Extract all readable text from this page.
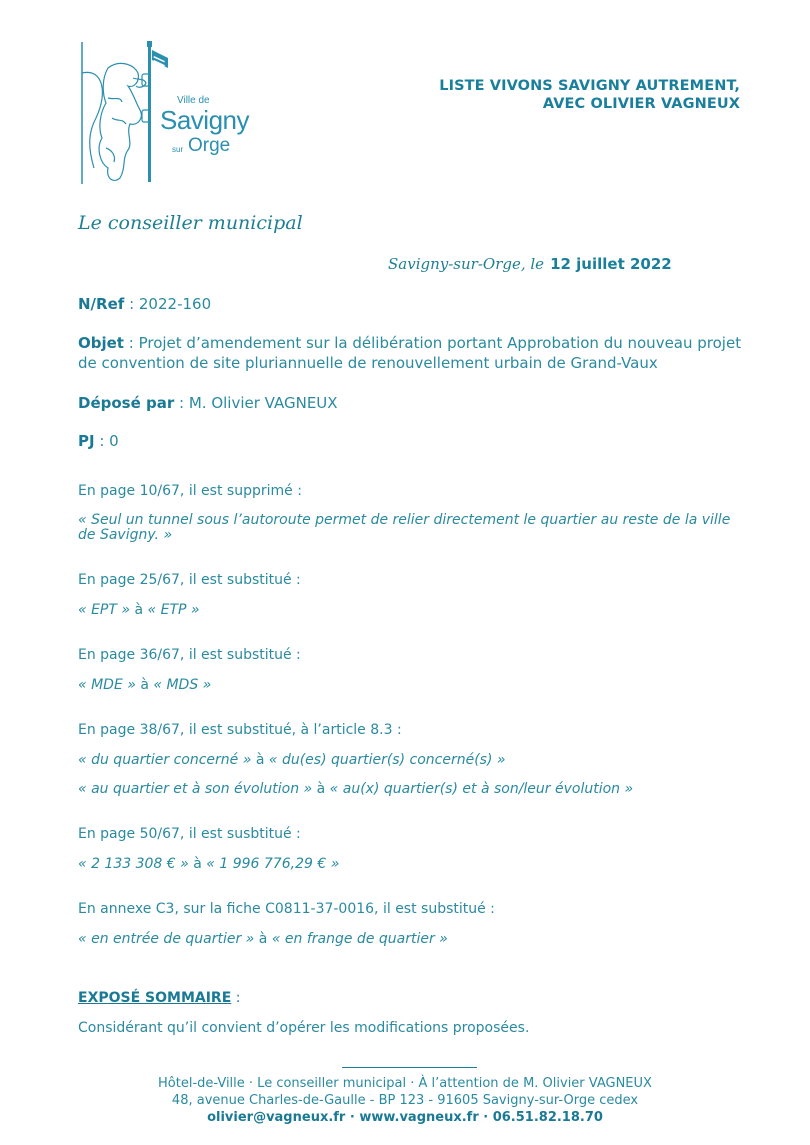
Ville de
Savigny
sur Orge
LISTE VIVONS SAVIGNY AUTREMENT,
AVEC OLIVIER VAGNEUX
Le conseiller municipal
Savigny-sur-Orge, le 12 juillet 2022
N/Ref : 2022-160
Objet : Projet d’amendement sur la délibération portant Approbation du nouveau projet de convention de site pluriannuelle de renouvellement urbain de Grand-Vaux
Déposé par : M. Olivier VAGNEUX
PJ : 0
En page 10/67, il est supprimé :
« Seul un tunnel sous l’autoroute permet de relier directement le quartier au reste de la ville de Savigny. »
En page 25/67, il est substitué :
« EPT » à « ETP »
En page 36/67, il est substitué :
« MDE » à « MDS »
En page 38/67, il est substitué, à l’article 8.3 :
« du quartier concerné » à « du(es) quartier(s) concerné(s) »
« au quartier et à son évolution » à « au(x) quartier(s) et à son/leur évolution »
En page 50/67, il est susbtitué :
« 2 133 308 € » à « 1 996 776,29 € »
En annexe C3, sur la fiche C0811-37-0016, il est substitué :
« en entrée de quartier » à « en frange de quartier »
EXPOSÉ SOMMAIRE :
Considérant qu’il convient d’opérer les modifications proposées.
Hôtel-de-Ville · Le conseiller municipal · À l’attention de M. Olivier VAGNEUX
48, avenue Charles-de-Gaulle - BP 123 - 91605 Savigny-sur-Orge cedex
olivier@vagneux.fr · www.vagneux.fr · 06.51.82.18.70
